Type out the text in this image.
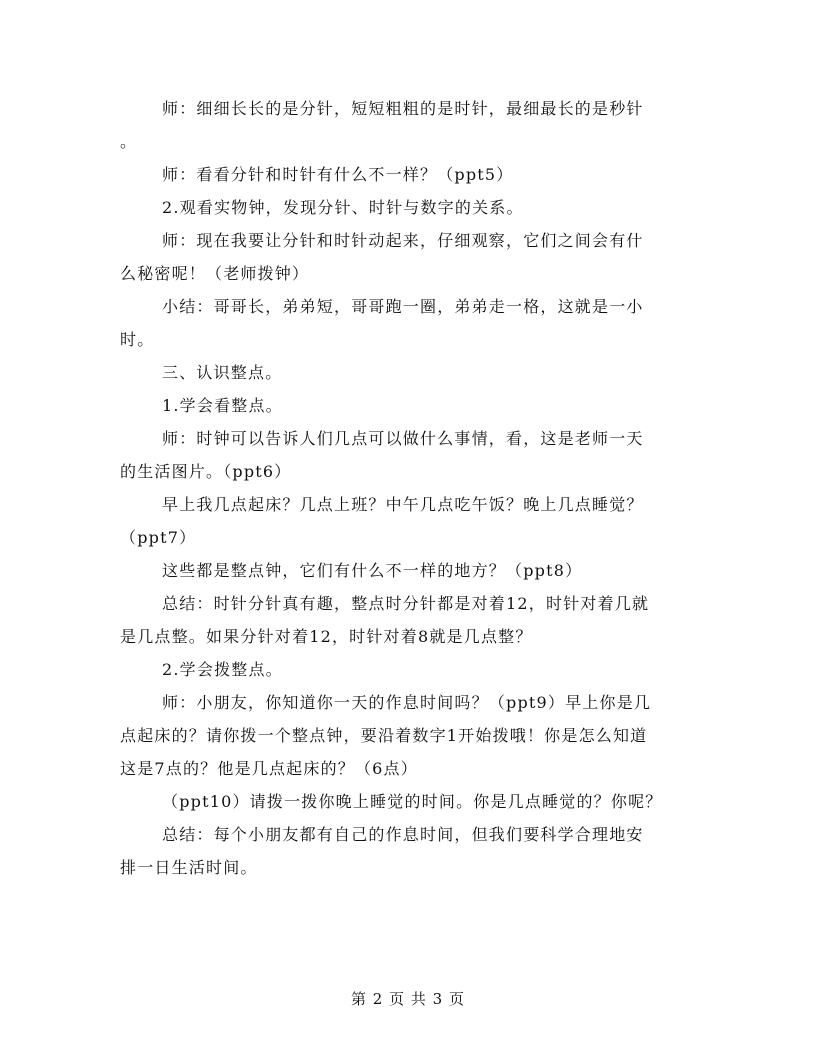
师：细细长长的是分针，短短粗粗的是时针，最细最长的是秒针
。
师：看看分针和时针有什么不一样？（ppt5）
2.观看实物钟，发现分针、时针与数字的关系。
师：现在我要让分针和时针动起来，仔细观察，它们之间会有什
么秘密呢！（老师拨钟）
小结：哥哥长，弟弟短，哥哥跑一圈，弟弟走一格，这就是一小
时。
三、认识整点。
1.学会看整点。
师：时钟可以告诉人们几点可以做什么事情，看，这是老师一天
的生活图片。（ppt6）
早上我几点起床？几点上班？中午几点吃午饭？晚上几点睡觉？
（ppt7）
这些都是整点钟，它们有什么不一样的地方？（ppt8）
总结：时针分针真有趣，整点时分针都是对着12，时针对着几就
是几点整。如果分针对着12，时针对着8就是几点整？
2.学会拨整点。
师：小朋友，你知道你一天的作息时间吗？（ppt9）早上你是几
点起床的？请你拨一个整点钟，要沿着数字1开始拨哦！你是怎么知道
这是7点的？他是几点起床的？（6点）
（ppt10）请拨一拨你晚上睡觉的时间。你是几点睡觉的？你呢？
总结：每个小朋友都有自己的作息时间，但我们要科学合理地安
排一日生活时间。
第 2 页 共 3 页
